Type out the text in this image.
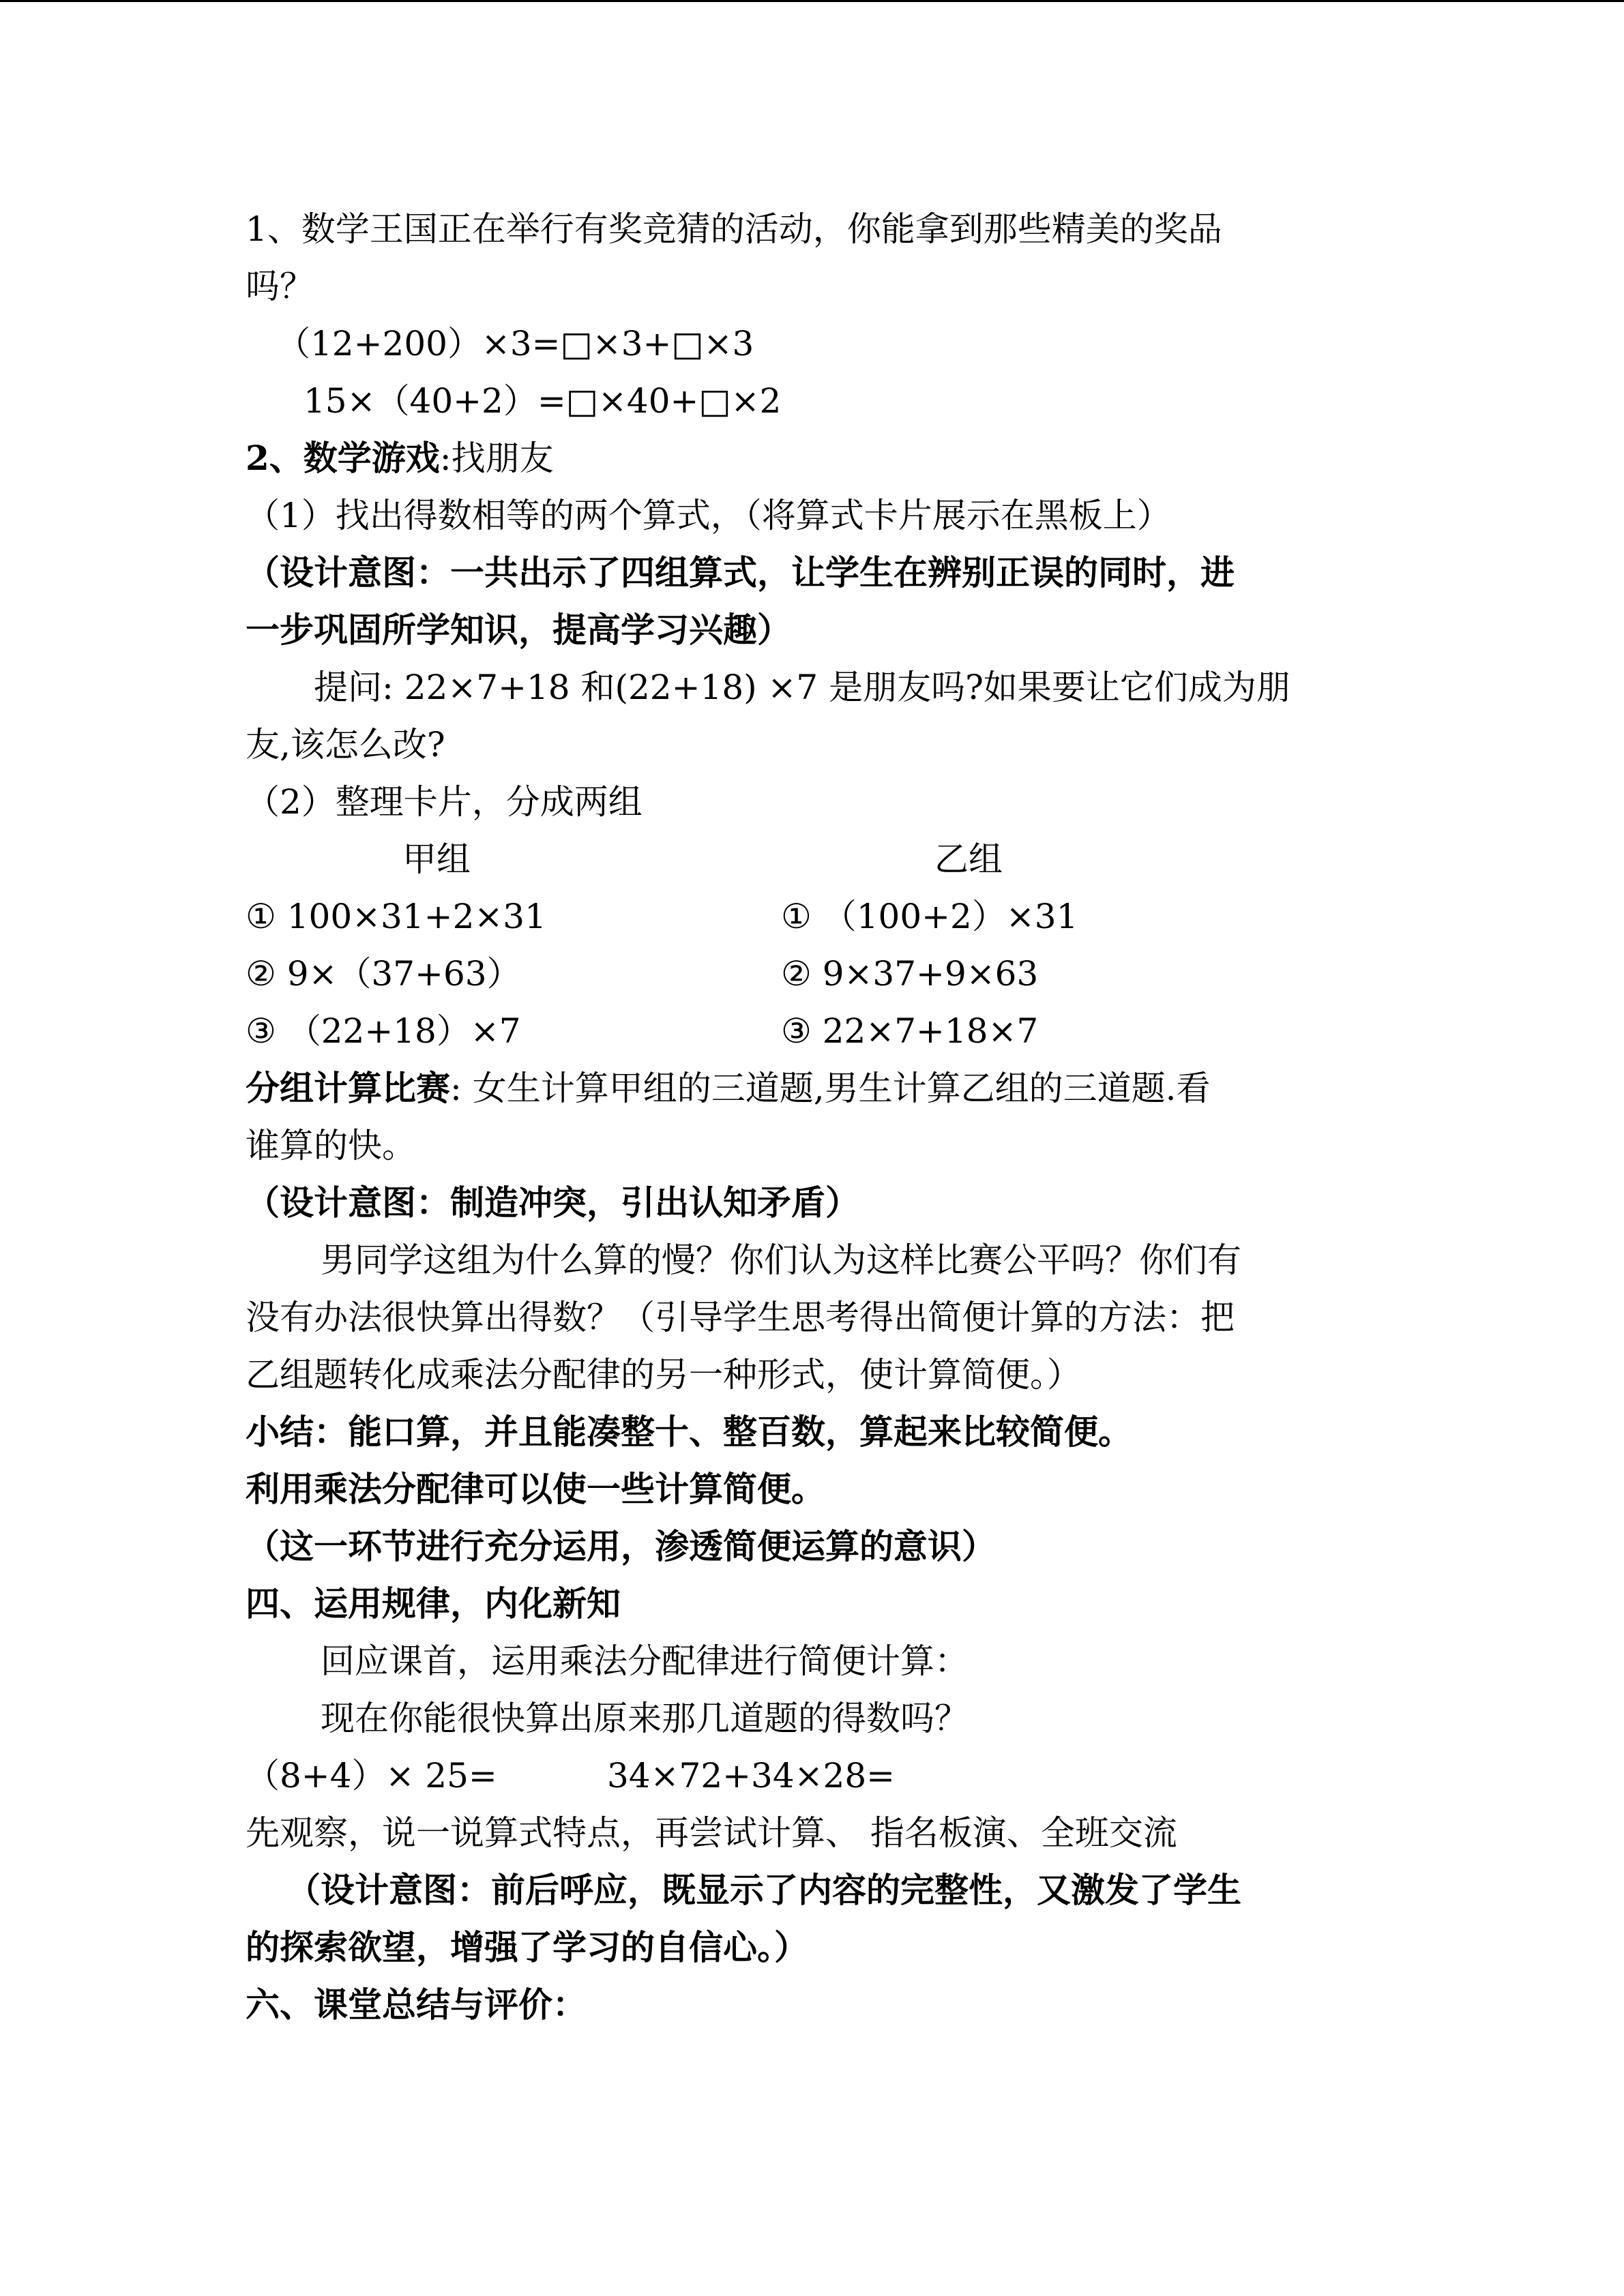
1、数学王国正在举行有奖竞猜的活动，你能拿到那些精美的奖品
吗？
（12+200）×3=□×3+□×3
15×（40+2）=□×40+□×2
2、数学游戏:找朋友
（1）找出得数相等的两个算式，（将算式卡片展示在黑板上）
（设计意图：一共出示了四组算式，让学生在辨别正误的同时，进
一步巩固所学知识，提高学习兴趣）
提问: 22×7+18 和(22+18) ×7 是朋友吗?如果要让它们成为朋
友,该怎么改?
（2）整理卡片，分成两组
甲组	乙组
① 100×31+2×31	① （100+2）×31
② 9×（37+63）	② 9×37+9×63
③ （22+18）×7	③ 22×7+18×7
分组计算比赛: 女生计算甲组的三道题,男生计算乙组的三道题.看
谁算的快。
（设计意图：制造冲突，引出认知矛盾）
男同学这组为什么算的慢？你们认为这样比赛公平吗？你们有
没有办法很快算出得数？（引导学生思考得出简便计算的方法：把
乙组题转化成乘法分配律的另一种形式，使计算简便。）
小结：能口算，并且能凑整十、整百数，算起来比较简便。
利用乘法分配律可以使一些计算简便。
（这一环节进行充分运用，渗透简便运算的意识）
四、运用规律，内化新知
回应课首，运用乘法分配律进行简便计算：
现在你能很快算出原来那几道题的得数吗？
（8+4）× 25=	34×72+34×28=
先观察，说一说算式特点，再尝试计算、 指名板演、全班交流
（设计意图：前后呼应，既显示了内容的完整性，又激发了学生
的探索欲望，增强了学习的自信心。）
六、课堂总结与评价：
